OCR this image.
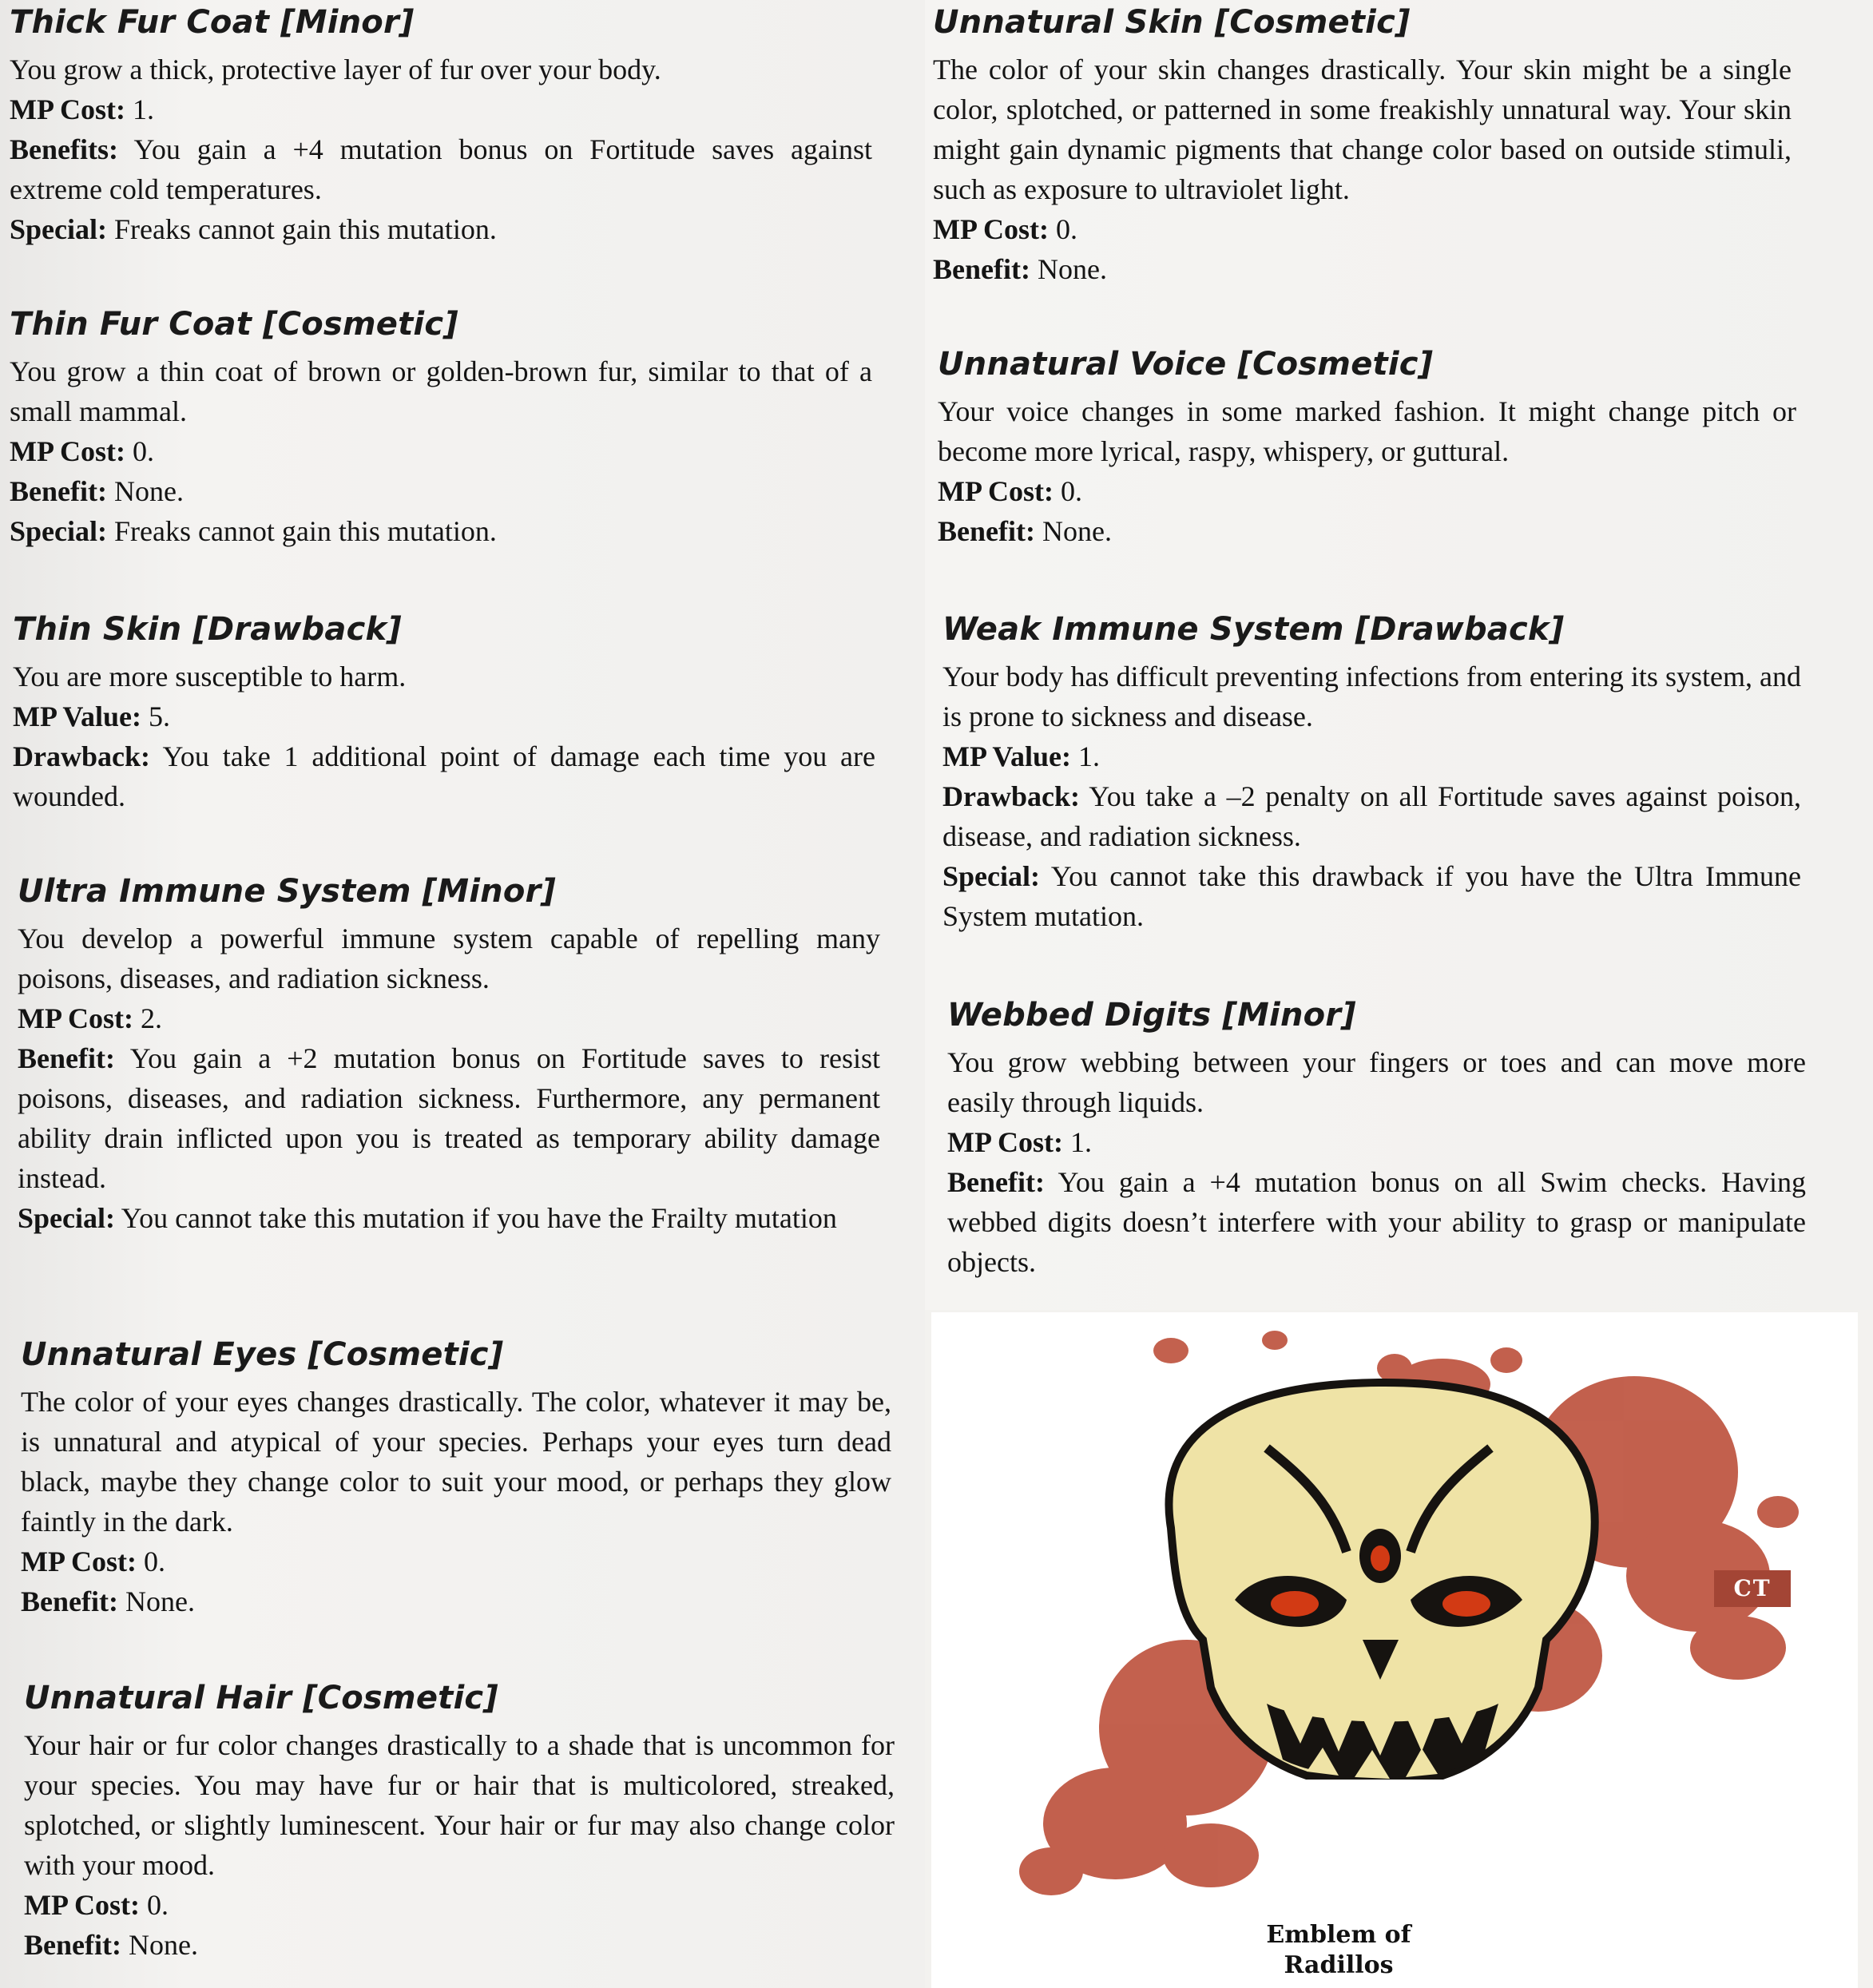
Thick Fur Coat [Minor]

You grow a thick, protective layer of fur over your body.

MP Cost: 1.

Benefits: You gain a +4 mutation bonus on Fortitude saves against extreme cold temperatures.

Special: Freaks cannot gain this mutation.

Thin Fur Coat [Cosmetic]

You grow a thin coat of brown or golden-brown fur, similar to that of a small mammal.

MP Cost: 0.

Benefit: None.

Special: Freaks cannot gain this mutation.

Thin Skin [Drawback]

You are more susceptible to harm.

MP Value: 5.

Drawback: You take 1 additional point of damage each time you are wounded.

Ultra Immune System [Minor]

You develop a powerful immune system capable of repelling many poisons, diseases, and radiation sickness.

MP Cost: 2.

Benefit: You gain a +2 mutation bonus on Fortitude saves to resist poisons, diseases, and radiation sickness. Furthermore, any permanent ability drain inflicted upon you is treated as temporary ability damage instead.

Special: You cannot take this mutation if you have the Frailty mutation

Unnatural Eyes [Cosmetic]

The color of your eyes changes drastically. The color, whatever it may be, is unnatural and atypical of your species. Perhaps your eyes turn dead black, maybe they change color to suit your mood, or perhaps they glow faintly in the dark.

MP Cost: 0.

Benefit: None.

Unnatural Hair [Cosmetic]

Your hair or fur color changes drastically to a shade that is uncommon for your species. You may have fur or hair that is multicolored, streaked, splotched, or slightly luminescent. Your hair or fur may also change color with your mood.

MP Cost: 0.

Benefit: None.

Unnatural Skin [Cosmetic]

The color of your skin changes drastically. Your skin might be a single color, splotched, or patterned in some freakishly unnatural way. Your skin might gain dynamic pigments that change color based on outside stimuli, such as exposure to ultraviolet light.

MP Cost: 0.

Benefit: None.

Unnatural Voice [Cosmetic]

Your voice changes in some marked fashion. It might change pitch or become more lyrical, raspy, whispery, or guttural.

MP Cost: 0.

Benefit: None.

Weak Immune System [Drawback]

Your body has difficult preventing infections from entering its system, and is prone to sickness and disease.

MP Value: 1.

Drawback: You take a –2 penalty on all Fortitude saves against poison, disease, and radiation sickness.

Special: You cannot take this drawback if you have the Ultra Immune System mutation.

Webbed Digits [Minor]

You grow webbing between your fingers or toes and can move more easily through liquids.

MP Cost: 1.

Benefit: You gain a +4 mutation bonus on all Swim checks. Having webbed digits doesn’t interfere with your ability to grasp or manipulate objects.

CT
Emblem of
Radillos
